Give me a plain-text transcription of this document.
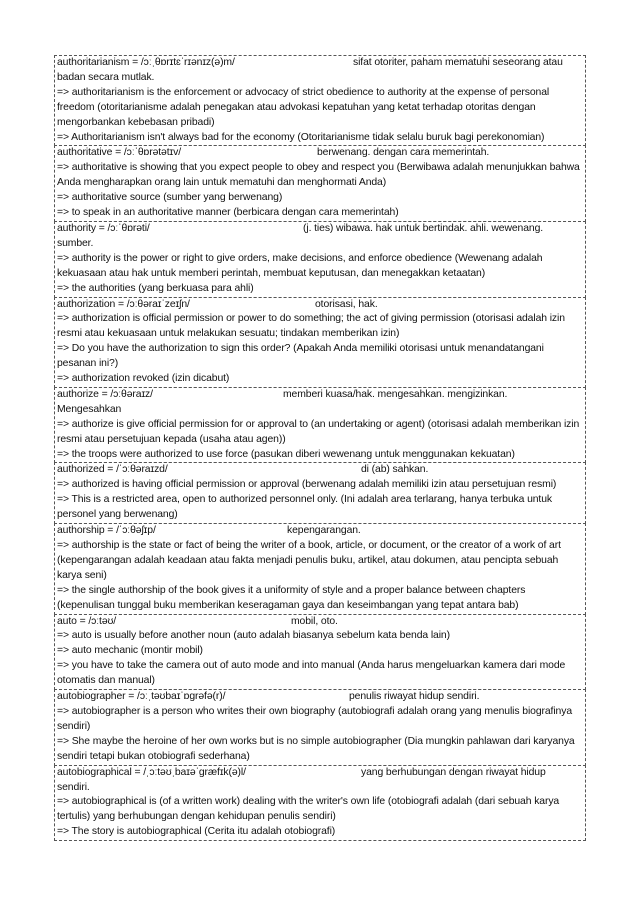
authoritarianism = /ɔːˌθɒrɪtɛˈrɪənɪz(ə)m/	sifat otoriter, paham mematuhi seseorang atau

badan secara mutlak.
=> authoritarianism is the enforcement or advocacy of strict obedience to authority at the expense of personal freedom (otoritarianisme adalah penegakan atau advokasi kepatuhan yang ketat terhadap otoritas dengan mengorbankan kebebasan pribadi)
=> Authoritarianism isn't always bad for the economy (Otoritarianisme tidak selalu buruk bagi perekonomian)
authoritative = /ɔːˈθɒrətətɪv/	berwenang. dengan cara memerintah.

=> authoritative is showing that you expect people to obey and respect you (Berwibawa adalah menunjukkan bahwa Anda mengharapkan orang lain untuk mematuhi dan menghormati Anda)
=> authoritative source (sumber yang berwenang)
=> to speak in an authoritative manner (berbicara dengan cara memerintah)
authority = /ɔːˈθɒrəti/	(j. ties) wibawa. hak untuk bertindak. ahli. wewenang.

sumber.
=> authority is the power or right to give orders, make decisions, and enforce obedience (Wewenang adalah kekuasaan atau hak untuk memberi perintah, membuat keputusan, dan menegakkan ketaatan)
=> the authorities (yang berkuasa para ahli)
authorization = /ɔːθəraɪˈzeɪʃn/	otorisasi, hak.

=> authorization is official permission or power to do something; the act of giving permission (otorisasi adalah izin resmi atau kekuasaan untuk melakukan sesuatu; tindakan memberikan izin)
=> Do you have the authorization to sign this order? (Apakah Anda memiliki otorisasi untuk menandatangani pesanan ini?)
=> authorization revoked (izin dicabut)
authorize = /ɔːθəraɪz/	memberi kuasa/hak. mengesahkan. mengizinkan.

Mengesahkan
=> authorize is give official permission for or approval to (an undertaking or agent) (otorisasi adalah memberikan izin resmi atau persetujuan kepada (usaha atau agen))
=> the troops were authorized to use force (pasukan diberi wewenang untuk menggunakan kekuatan)
authorized = /ˈɔːθəraɪzd/	di (ab) sahkan.

=> authorized is having official permission or approval (berwenang adalah memiliki izin atau persetujuan resmi)
=> This is a restricted area, open to authorized personnel only. (Ini adalah area terlarang, hanya terbuka untuk personel yang berwenang)
authorship = /ˈɔːθəʃɪp/	kepengarangan.

=> authorship is the state or fact of being the writer of a book, article, or document, or the creator of a work of art (kepengarangan adalah keadaan atau fakta menjadi penulis buku, artikel, atau dokumen, atau pencipta sebuah karya seni)
=> the single authorship of the book gives it a uniformity of style and a proper balance between chapters (kepenulisan tunggal buku memberikan keseragaman gaya dan keseimbangan yang tepat antara bab)
auto = /ɔːtəʊ/	mobil, oto.

=> auto is usually before another noun (auto adalah biasanya sebelum kata benda lain)
=> auto mechanic (montir mobil)
=> you have to take the camera out of auto mode and into manual (Anda harus mengeluarkan kamera dari mode otomatis dan manual)
autobiographer = /ɔːˌtəʊbaɪˈɒgrəfə(r)/	penulis riwayat hidup sendiri.

=> autobiographer is a person who writes their own biography (autobiografi adalah orang yang menulis biografinya sendiri)
=> She maybe the heroine of her own works but is no simple autobiographer (Dia mungkin pahlawan dari karyanya sendiri tetapi bukan otobiografi sederhana)
autobiographical = /ˌɔːtəʊˌbaɪəˈɡræfɪk(ə)l/	yang berhubungan dengan riwayat hidup

sendiri.
=> autobiographical is (of a written work) dealing with the writer's own life (otobiografi adalah (dari sebuah karya tertulis) yang berhubungan dengan kehidupan penulis sendiri)
=> The story is autobiographical (Cerita itu adalah otobiografi)
